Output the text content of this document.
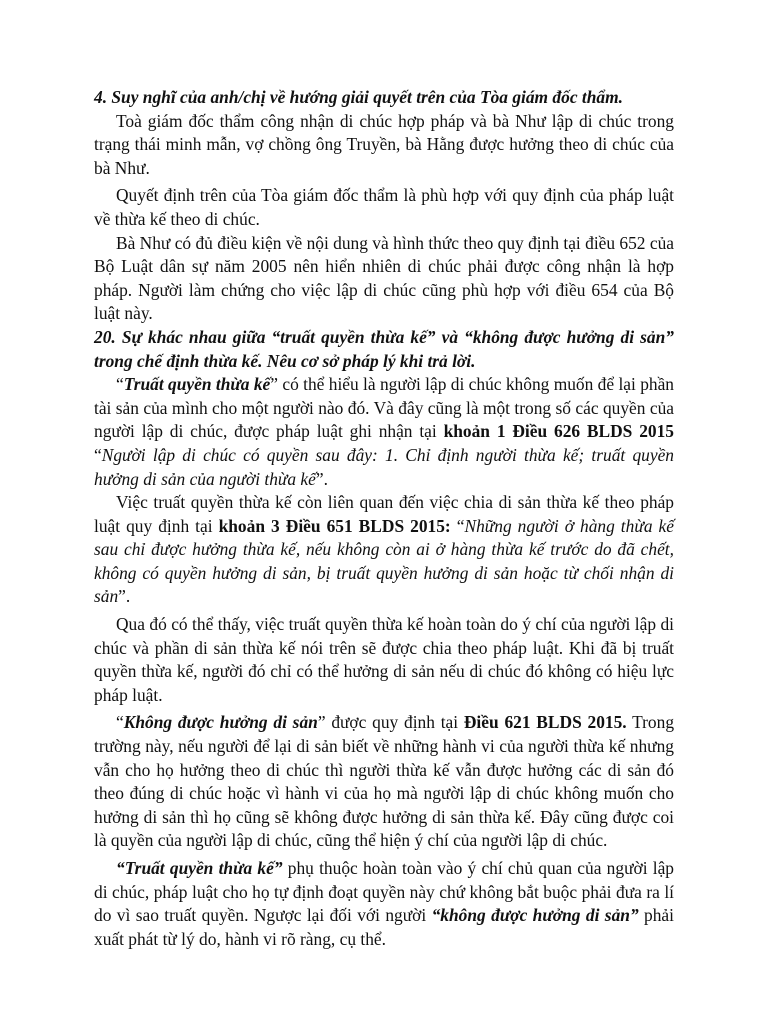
4. Suy nghĩ của anh/chị về hướng giải quyết trên của Tòa giám đốc thẩm.

Toà giám đốc thẩm công nhận di chúc hợp pháp và bà Như lập di chúc trong trạng thái minh mẫn, vợ chồng ông Truyền, bà Hằng được hưởng theo di chúc của bà Như.

Quyết định trên của Tòa giám đốc thẩm là phù hợp với quy định của pháp luật về thừa kế theo di chúc.

Bà Như có đủ điều kiện về nội dung và hình thức theo quy định tại điều 652 của Bộ Luật dân sự năm 2005 nên hiển nhiên di chúc phải được công nhận là hợp pháp. Người làm chứng cho việc lập di chúc cũng phù hợp với điều 654 của Bộ luật này.

20. Sự khác nhau giữa “truất quyền thừa kế” và “không được hưởng di sản” trong chế định thừa kế. Nêu cơ sở pháp lý khi trả lời.

“Truất quyền thừa kế” có thể hiểu là người lập di chúc không muốn để lại phần tài sản của mình cho một người nào đó. Và đây cũng là một trong số các quyền của người lập di chúc, được pháp luật ghi nhận tại khoản 1 Điều 626 BLDS 2015 “Người lập di chúc có quyền sau đây: 1. Chỉ định người thừa kế; truất quyền hưởng di sản của người thừa kế”.

Việc truất quyền thừa kế còn liên quan đến việc chia di sản thừa kế theo pháp luật quy định tại khoản 3 Điều 651 BLDS 2015: “Những người ở hàng thừa kế sau chỉ được hưởng thừa kế, nếu không còn ai ở hàng thừa kế trước do đã chết, không có quyền hưởng di sản, bị truất quyền hưởng di sản hoặc từ chối nhận di sản”.

Qua đó có thể thấy, việc truất quyền thừa kế hoàn toàn do ý chí của người lập di chúc và phần di sản thừa kế nói trên sẽ được chia theo pháp luật. Khi đã bị truất quyền thừa kế, người đó chỉ có thể hưởng di sản nếu di chúc đó không có hiệu lực pháp luật.

“Không được hưởng di sản” được quy định tại Điều 621 BLDS 2015. Trong trường này, nếu người để lại di sản biết về những hành vi của người thừa kế nhưng vẫn cho họ hưởng theo di chúc thì người thừa kế vẫn được hưởng các di sản đó theo đúng di chúc hoặc vì hành vi của họ mà người lập di chúc không muốn cho hưởng di sản thì họ cũng sẽ không được hưởng di sản thừa kế. Đây cũng được coi là quyền của người lập di chúc, cũng thể hiện ý chí của người lập di chúc.

“Truất quyền thừa kế” phụ thuộc hoàn toàn vào ý chí chủ quan của người lập di chúc, pháp luật cho họ tự định đoạt quyền này chứ không bắt buộc phải đưa ra lí do vì sao truất quyền. Ngược lại đối với người “không được hưởng di sản” phải xuất phát từ lý do, hành vi rõ ràng, cụ thể.
